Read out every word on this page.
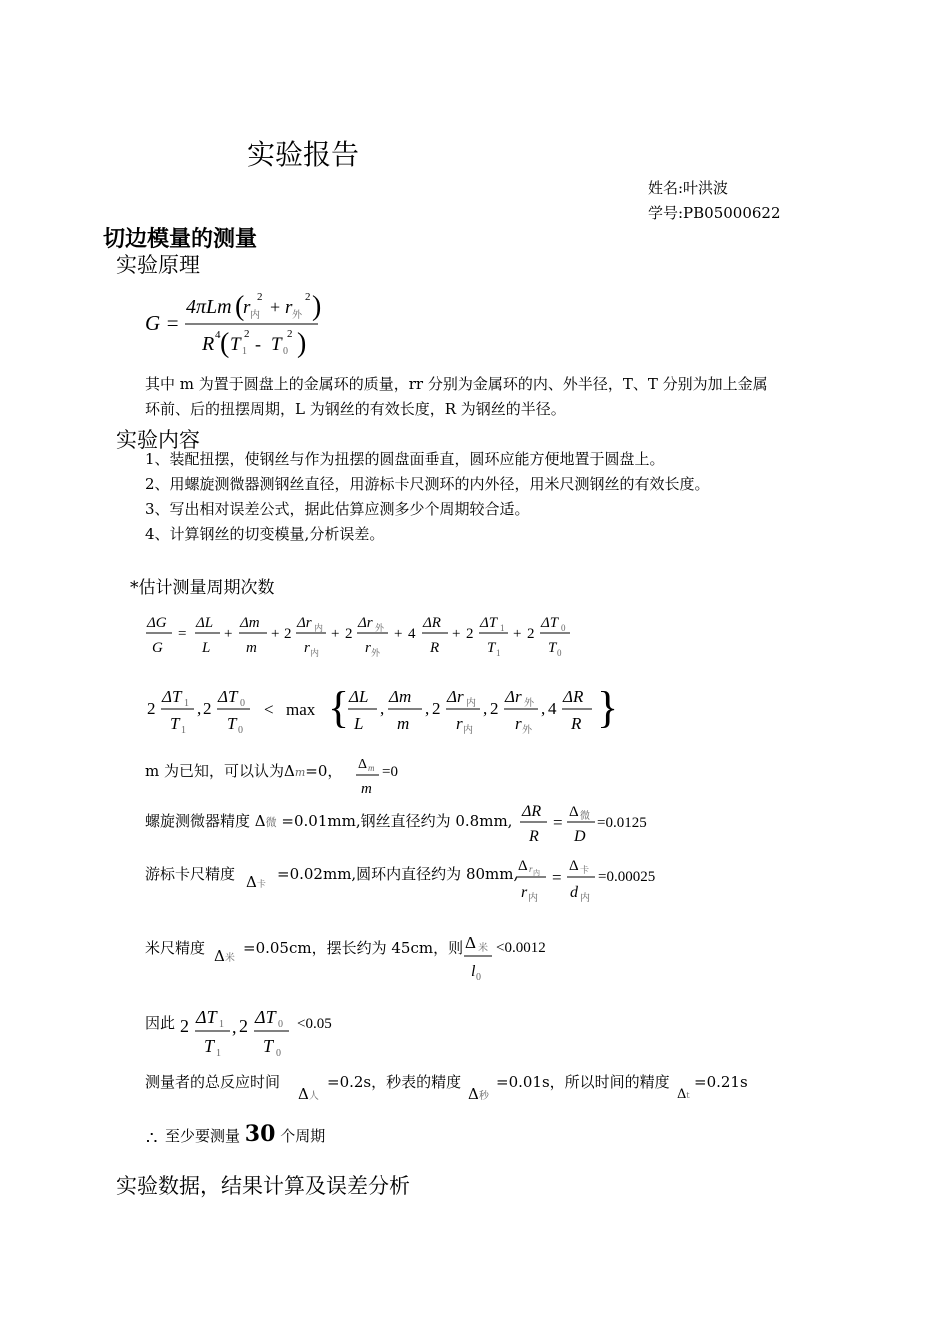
实验报告
姓名:叶洪波
学号:PB05000622
切边模量的测量
实验原理
G =
4πLm (
r 内
2 + r 外
2 )
R 4 ( T 1
2 - T 0
2 )
其中 m 为置于圆盘上的金属环的质量，rr 分别为金属环的内、外半径，T、T 分别为加上金属
环前、后的扭摆周期，L 为钢丝的有效长度，R 为钢丝的半径。
实验内容
1、装配扭摆，使钢丝与作为扭摆的圆盘面垂直，圆环应能方便地置于圆盘上。
2、用螺旋测微器测钢丝直径，用游标卡尺测环的内外径，用米尺测钢丝的有效长度。
3、写出相对误差公式，据此估算应测多少个周期较合适。
4、计算钢丝的切变模量,分析误差。
*估计测量周期次数
ΔG
G
=
ΔL
L
+
Δm
m
+ 2
Δr 内
r 内
+ 2
Δr 外
r 外
+ 4
ΔR
R
+ 2
ΔT 1
T 1
+ 2
ΔT 0
T 0
2
ΔT 1
T 1
, 2
ΔT 0
T 0
< max { ΔL
L
,
Δm
m
, 2
Δr 内
r 内
, 2
Δr 外
r 外
, 4
ΔR
R }
m 为已知，可以认为Δm=0， Δ m
m
=0
螺旋测微器精度 Δ微 =0.01mm,钢丝直径约为 0.8mm,
ΔR
R
=
Δ 微
D
=0.0125
游标卡尺精度 Δ卡
=0.02mm,圆环内直径约为 80mm, Δ r 内
r 内
=
Δ 卡
d 内
=0.00025
米尺精度 Δ米
=0.05cm，摆长约为 45cm，则 Δ 米
l 0
<0.0012
因此 2 ΔT 1
T 1
, 2 ΔT 0
T 0
<0.05
测量者的总反应时间
Δ人
=0.2s，秒表的精度
Δ秒
=0.01s，所以时间的精度
Δt
=0.21s
∴ 至少要测量 30 个周期
实验数据，结果计算及误差分析
